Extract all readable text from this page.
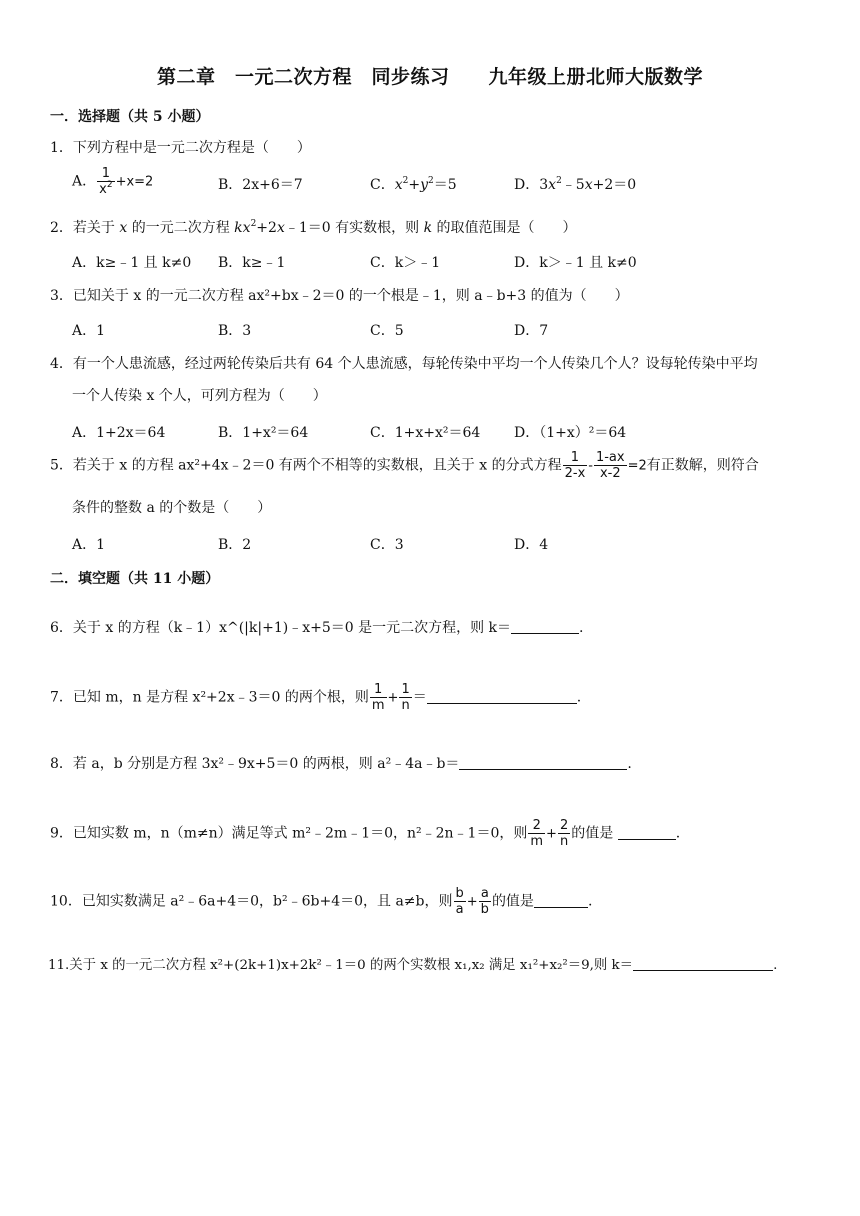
第二章　一元二次方程　同步练习　　九年级上册北师大版数学
一．选择题（共 5 小题）
1．下列方程中是一元二次方程是（　　）
A． $\frac{1}{x^2} +x=2$	B．2x+6＝7	C．$x^2+y^2=5$	D．$3x^2﹣5x+2=0$
2．若关于 x 的一元二次方程 $kx^2+2x﹣1=0$ 有实数根，则 k 的取值范围是（　　）
A．k≥﹣1 且 k≠0 B．k≥﹣1	C．k＞﹣1	D．k＞﹣1 且 k≠0
3．已知关于 x 的一元二次方程 ax²+bx﹣2＝0 的一个根是﹣1，则 a﹣b+3 的值为（　　）
A．1	B．3	C．5	D．7
4．有一个人患流感，经过两轮传染后共有 64 个人患流感，每轮传染中平均一个人传染几个人？设每轮传染中平均
一个人传染 x 个人，可列方程为（　　）
A．1+2x＝64	B．1+x²＝64	C．1+x+x²＝64 D．（1+x）²＝64
5．若关于 x 的方程 ax²+4x﹣2＝0 有两个不相等的实数根，且关于 x 的分式方程 $\frac{1}{2-x} - \frac{1-ax}{x-2} =2$有正数解，则符合
条件的整数 a 的个数是（　　）
A．1	B．2	C．3	D．4
二．填空题（共 11 小题）
6．关于 x 的方程（k﹣1）x^(|k|+1)﹣x+5＝0 是一元二次方程，则 k＝	.
7．已知 m，n 是方程 x²+2x﹣3＝0 的两个根，则 $\frac{1}{m} + \frac{1}{n}$ ＝	.
8．若 a，b 分别是方程 3x²﹣9x+5＝0 的两根，则 a²﹣4a﹣b＝	.
9．已知实数 m，n（m≠n）满足等式 m²﹣2m﹣1＝0，n²﹣2n﹣1＝0，则 $\frac{2}{m} + \frac{2}{n}$ 的值是	.
10．已知实数满足 a²﹣6a+4＝0，b²﹣6b+4＝0，且 a≠b，则 $\frac{b}{a} + \frac{a}{b}$ 的值是	.
11.关于 x 的一元二次方程 x²+(2k+1)x+2k²﹣1＝0 的两个实数根 x₁,x₂ 满足 x₁²+x₂²＝9,则 k＝	.
